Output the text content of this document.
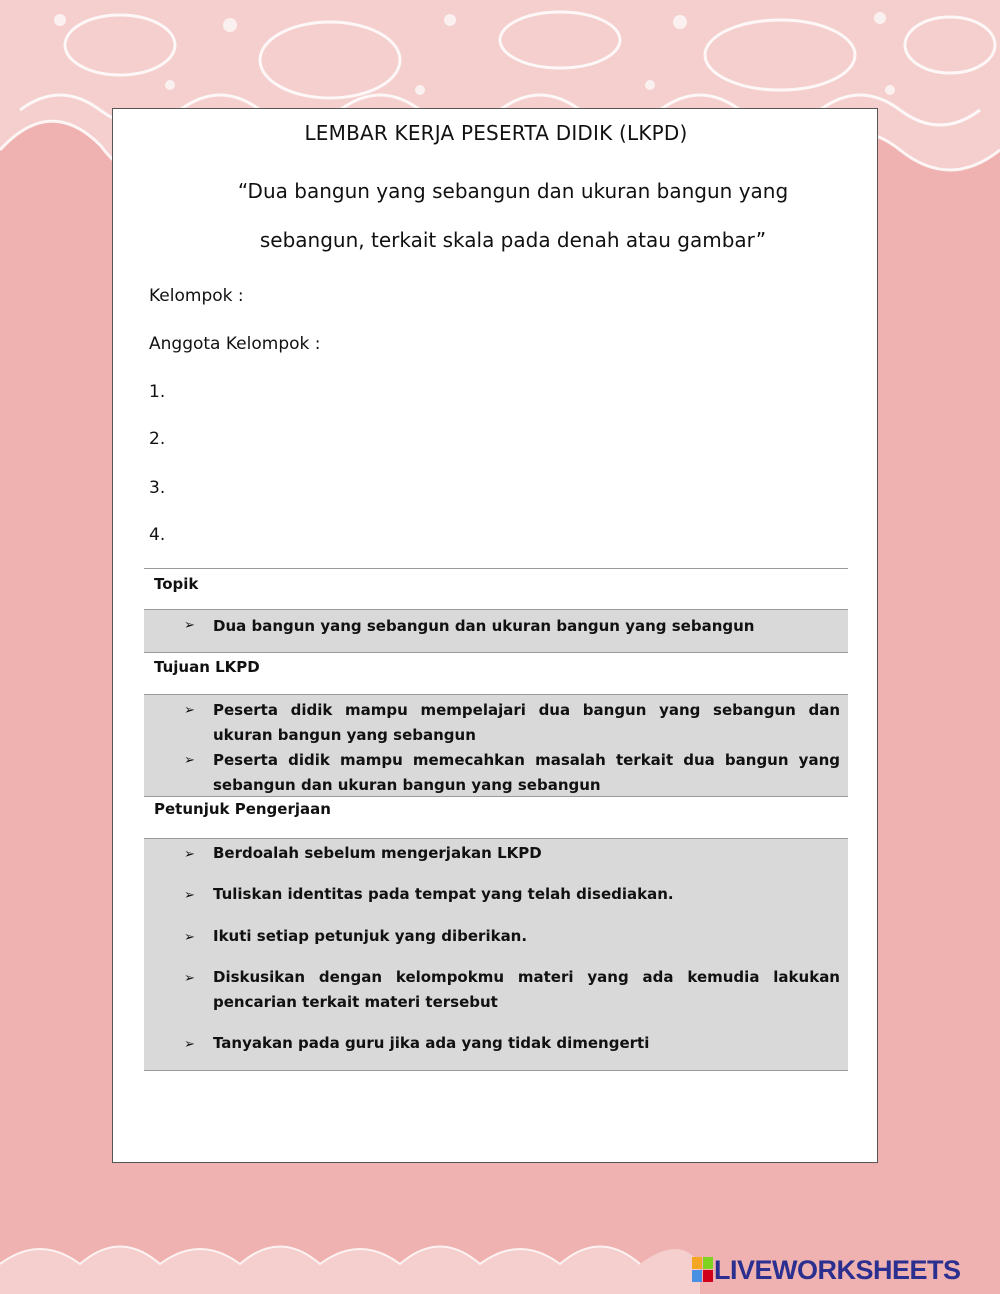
LEMBAR KERJA PESERTA DIDIK (LKPD)
“Dua bangun yang sebangun dan ukuran bangun yang
sebangun, terkait skala pada denah atau gambar”
Kelompok :
Anggota Kelompok :
1.
2.
3.
4.
Topik
➢ Dua bangun yang sebangun dan ukuran bangun yang sebangun
Tujuan LKPD
➢ Peserta didik mampu mempelajari dua bangun yang sebangun dan ukuran bangun yang sebangun
➢ Peserta didik mampu memecahkan masalah terkait dua bangun yang sebangun dan ukuran bangun yang sebangun
Petunjuk Pengerjaan
➢ Berdoalah sebelum mengerjakan LKPD
➢ Tuliskan identitas pada tempat yang telah disediakan.
➢ Ikuti setiap petunjuk yang diberikan.
➢ Diskusikan dengan kelompokmu materi yang ada kemudia lakukan pencarian terkait materi tersebut
➢ Tanyakan pada guru jika ada yang tidak dimengerti
LIVEWORKSHEETS
